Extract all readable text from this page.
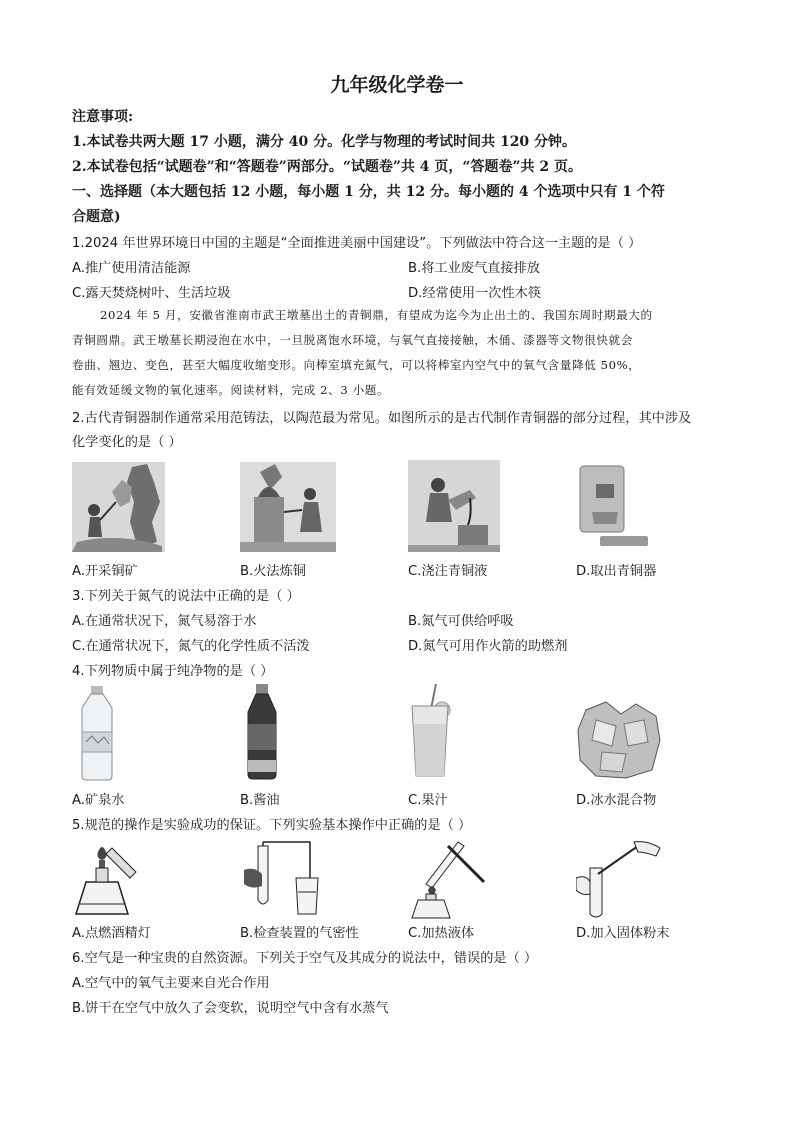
九年级化学卷一
注意事项:
1.本试卷共两大题 17 小题，满分 40 分。化学与物理的考试时间共 120 分钟。
2.本试卷包括“试题卷”和“答题卷”两部分。“试题卷”共 4 页，“答题卷”共 2 页。
一、选择题（本大题包括 12 小题，每小题 1 分，共 12 分。每小题的 4 个选项中只有 1 个符
合题意)
1.2024 年世界环境日中国的主题是“全面推进美丽中国建设”。下列做法中符合这一主题的是（ ）
A.推广使用清洁能源	B.将工业废气直接排放
C.露天焚烧树叶、生活垃圾	D.经常使用一次性木筷
2024 年 5 月，安徽省淮南市武王墩墓出土的青铜鼎，有望成为迄今为止出土的、我国东周时期最大的
青铜圆鼎。武王墩墓长期浸泡在水中，一旦脱离饱水环境，与氧气直接接触，木俑、漆器等文物很快就会
卷曲、翘边、变色，甚至大幅度收缩变形。向棒室填充氮气，可以将棒室内空气中的氧气含量降低 50%，
能有效延缓文物的氧化速率。阅读材料，完成 2、3 小题。
2.古代青铜器制作通常采用范铸法，以陶范最为常见。如图所示的是古代制作青铜器的部分过程，其中涉及
化学变化的是（ ）
A.开采铜矿	B.火法炼铜	C.浇注青铜液	D.取出青铜器
3.下列关于氮气的说法中正确的是（ ）
A.在通常状况下，氮气易溶于水	B.氮气可供给呼吸
C.在通常状况下，氮气的化学性质不活泼	D.氮气可用作火箭的助燃剂
4.下列物质中属于纯净物的是（ ）
A.矿泉水	B.酱油	C.果汁	D.冰水混合物
5.规范的操作是实验成功的保证。下列实验基本操作中正确的是（ ）
A.点燃酒精灯	B.检查装置的气密性	C.加热液体	D.加入固体粉末
6.空气是一种宝贵的自然资源。下列关于空气及其成分的说法中，错误的是（ ）
A.空气中的氧气主要来自光合作用
B.饼干在空气中放久了会变软，说明空气中含有水蒸气
